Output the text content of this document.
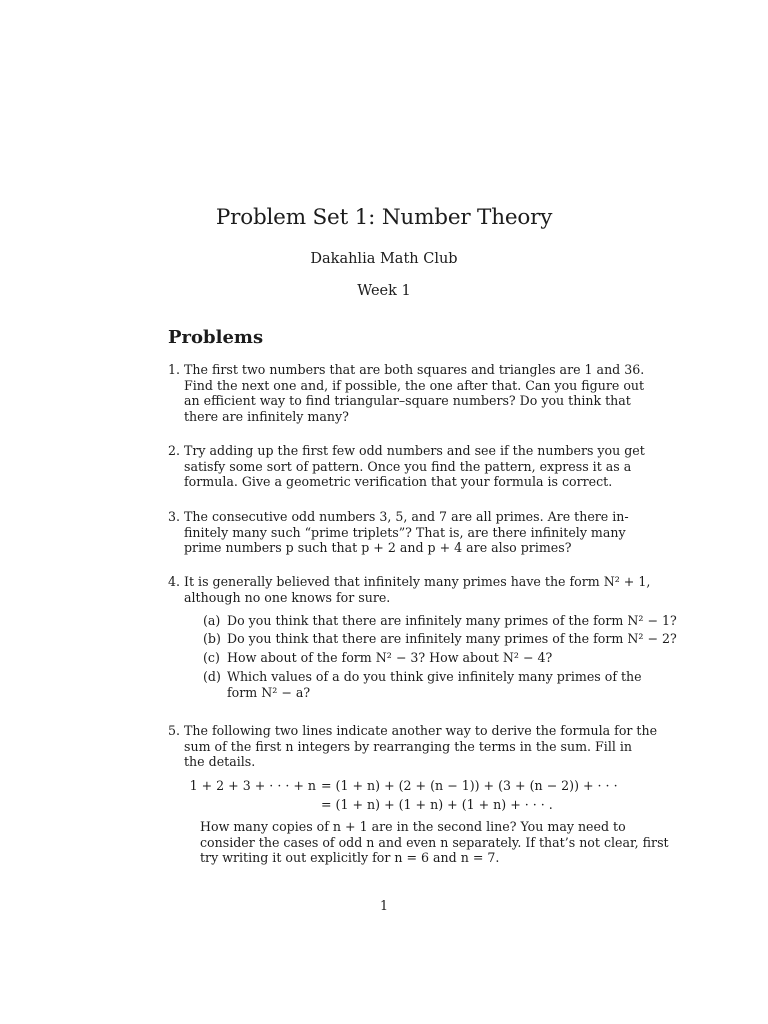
Problem Set 1: Number Theory
Dakahlia Math Club
Week 1
Problems
1. The first two numbers that are both squares and triangles are 1 and 36.
Find the next one and, if possible, the one after that. Can you figure out
an efficient way to find triangular–square numbers? Do you think that
there are infinitely many?
2. Try adding up the first few odd numbers and see if the numbers you get
satisfy some sort of pattern. Once you find the pattern, express it as a
formula. Give a geometric verification that your formula is correct.
3. The consecutive odd numbers 3, 5, and 7 are all primes. Are there in-
finitely many such “prime triplets”? That is, are there infinitely many
prime numbers p such that p + 2 and p + 4 are also primes?
4. It is generally believed that infinitely many primes have the form N² + 1,
although no one knows for sure.
(a) Do you think that there are infinitely many primes of the form N² − 1?
(b) Do you think that there are infinitely many primes of the form N² − 2?
(c) How about of the form N² − 3? How about N² − 4?
(d) Which values of a do you think give infinitely many primes of the
form N² − a?
5. The following two lines indicate another way to derive the formula for the
sum of the first n integers by rearranging the terms in the sum. Fill in
the details.
1 + 2 + 3 + · · · + n = (1 + n) + (2 + (n − 1)) + (3 + (n − 2)) + · · ·
= (1 + n) + (1 + n) + (1 + n) + · · · .
How many copies of n + 1 are in the second line? You may need to
consider the cases of odd n and even n separately. If that’s not clear, first
try writing it out explicitly for n = 6 and n = 7.
1
